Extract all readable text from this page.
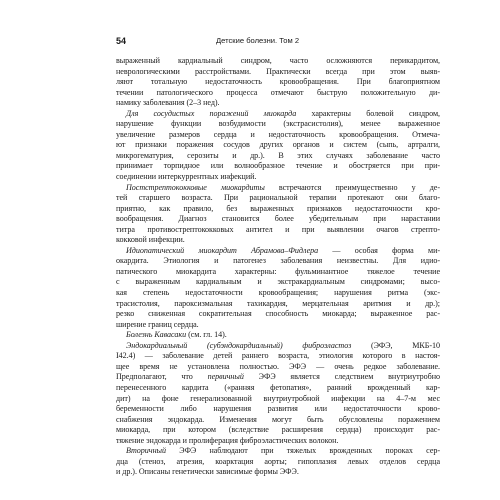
54	Детские болезни. Том 2
выраженный кардиальный синдром, часто осложняются перикардитом,
неврологическими расстройствами. Практически всегда при этом выяв-
ляют тотальную недостаточность кровообращения. При благоприятном
течении патологического процесса отмечают быструю положительную ди-
намику заболевания (2–3 нед).
Для сосудистых поражений миокарда характерны болевой синдром,
нарушение функции возбудимости (экстрасистолия), менее выраженное
увеличение размеров сердца и недостаточность кровообращения. Отмеча-
ют признаки поражения сосудов других органов и систем (сыпь, артралги,
микрогематурия, серозиты и др.). В этих случаях заболевание часто
принимает торпидное или волнообразное течение и обостряется при при-
соединении интеркуррентных инфекций.
Постстрептококковые миокардиты встречаются преимущественно у де-
тей старшего возраста. При рациональной терапии протекают они благо-
приятно, как правило, без выраженных признаков недостаточности кро-
вообращения. Диагноз становится более убедительным при нарастании
титра противострептококковых антител и при выявлении очагов стрепто-
кокковой инфекции.
Идиопатический миокардит Абрамова–Фидлера — особая форма ми-
окардита. Этиология и патогенез заболевания неизвестны. Для идио-
патического миокардита характерны: фульминантное тяжелое течение
с выраженным кардиальным и экстракардиальным синдромами; высо-
кая степень недостаточности кровообращения; нарушения ритма (экс-
трасистолия, пароксизмальная тахикардия, мерцательная аритмия и др.);
резко сниженная сократительная способность миокарда; выраженное рас-
ширение границ сердца.
Болезнь Кавасаки (см. гл. 14).
Эндокардиальный (субэндокардиальный) фиброэластоз (ЭФЭ, МКБ-10
I42.4) — заболевание детей раннего возраста, этиология которого в настоя-
щее время не установлена полностью. ЭФЭ — очень редкое заболевание.
Предполагают, что первичный ЭФЭ является следствием внутриутробно
перенесенного кардита («ранняя фетопатия», ранний врожденный кар-
дит) на фоне генерализованной внутриутробной инфекции на 4–7-м мес
беременности либо нарушения развития или недостаточности крово-
снабжения эндокарда. Изменения могут быть обусловлены поражением
миокарда, при котором (вследствие расширения сердца) происходит рас-
тяжение эндокарда и пролиферация фиброэластических волокон.
Вторичный ЭФЭ наблюдают при тяжелых врожденных пороках сер-
дца (стеноз, атрезия, коарктация аорты; гипоплазия левых отделов сердца
и др.). Описаны генетически зависимые формы ЭФЭ.
